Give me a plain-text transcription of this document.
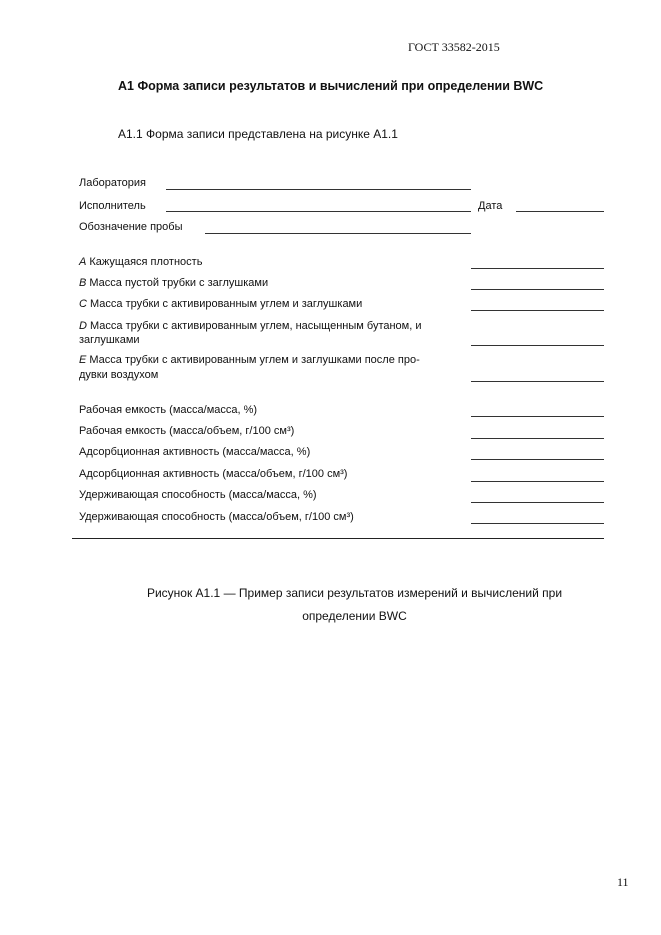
ГОСТ 33582-2015
А1 Форма записи результатов и вычислений при определении BWC
А1.1 Форма записи представлена на рисунке А1.1
Лаборатория
Исполнитель	Дата
Обозначение пробы
A Кажущаяся плотность
B Масса пустой трубки с заглушками
C Масса трубки с активированным углем и заглушками
D Масса трубки с активированным углем, насыщенным бутаном, и
заглушками
E Масса трубки с активированным углем и заглушками после про-
дувки воздухом
Рабочая емкость (масса/масса, %)
Рабочая емкость (масса/объем, г/100 см³)
Адсорбционная активность (масса/масса, %)
Адсорбционная активность (масса/объем, г/100 см³)
Удерживающая способность (масса/масса, %)
Удерживающая способность (масса/объем, г/100 см³)
Рисунок А1.1 — Пример записи результатов измерений и вычислений при
определении BWC
11
